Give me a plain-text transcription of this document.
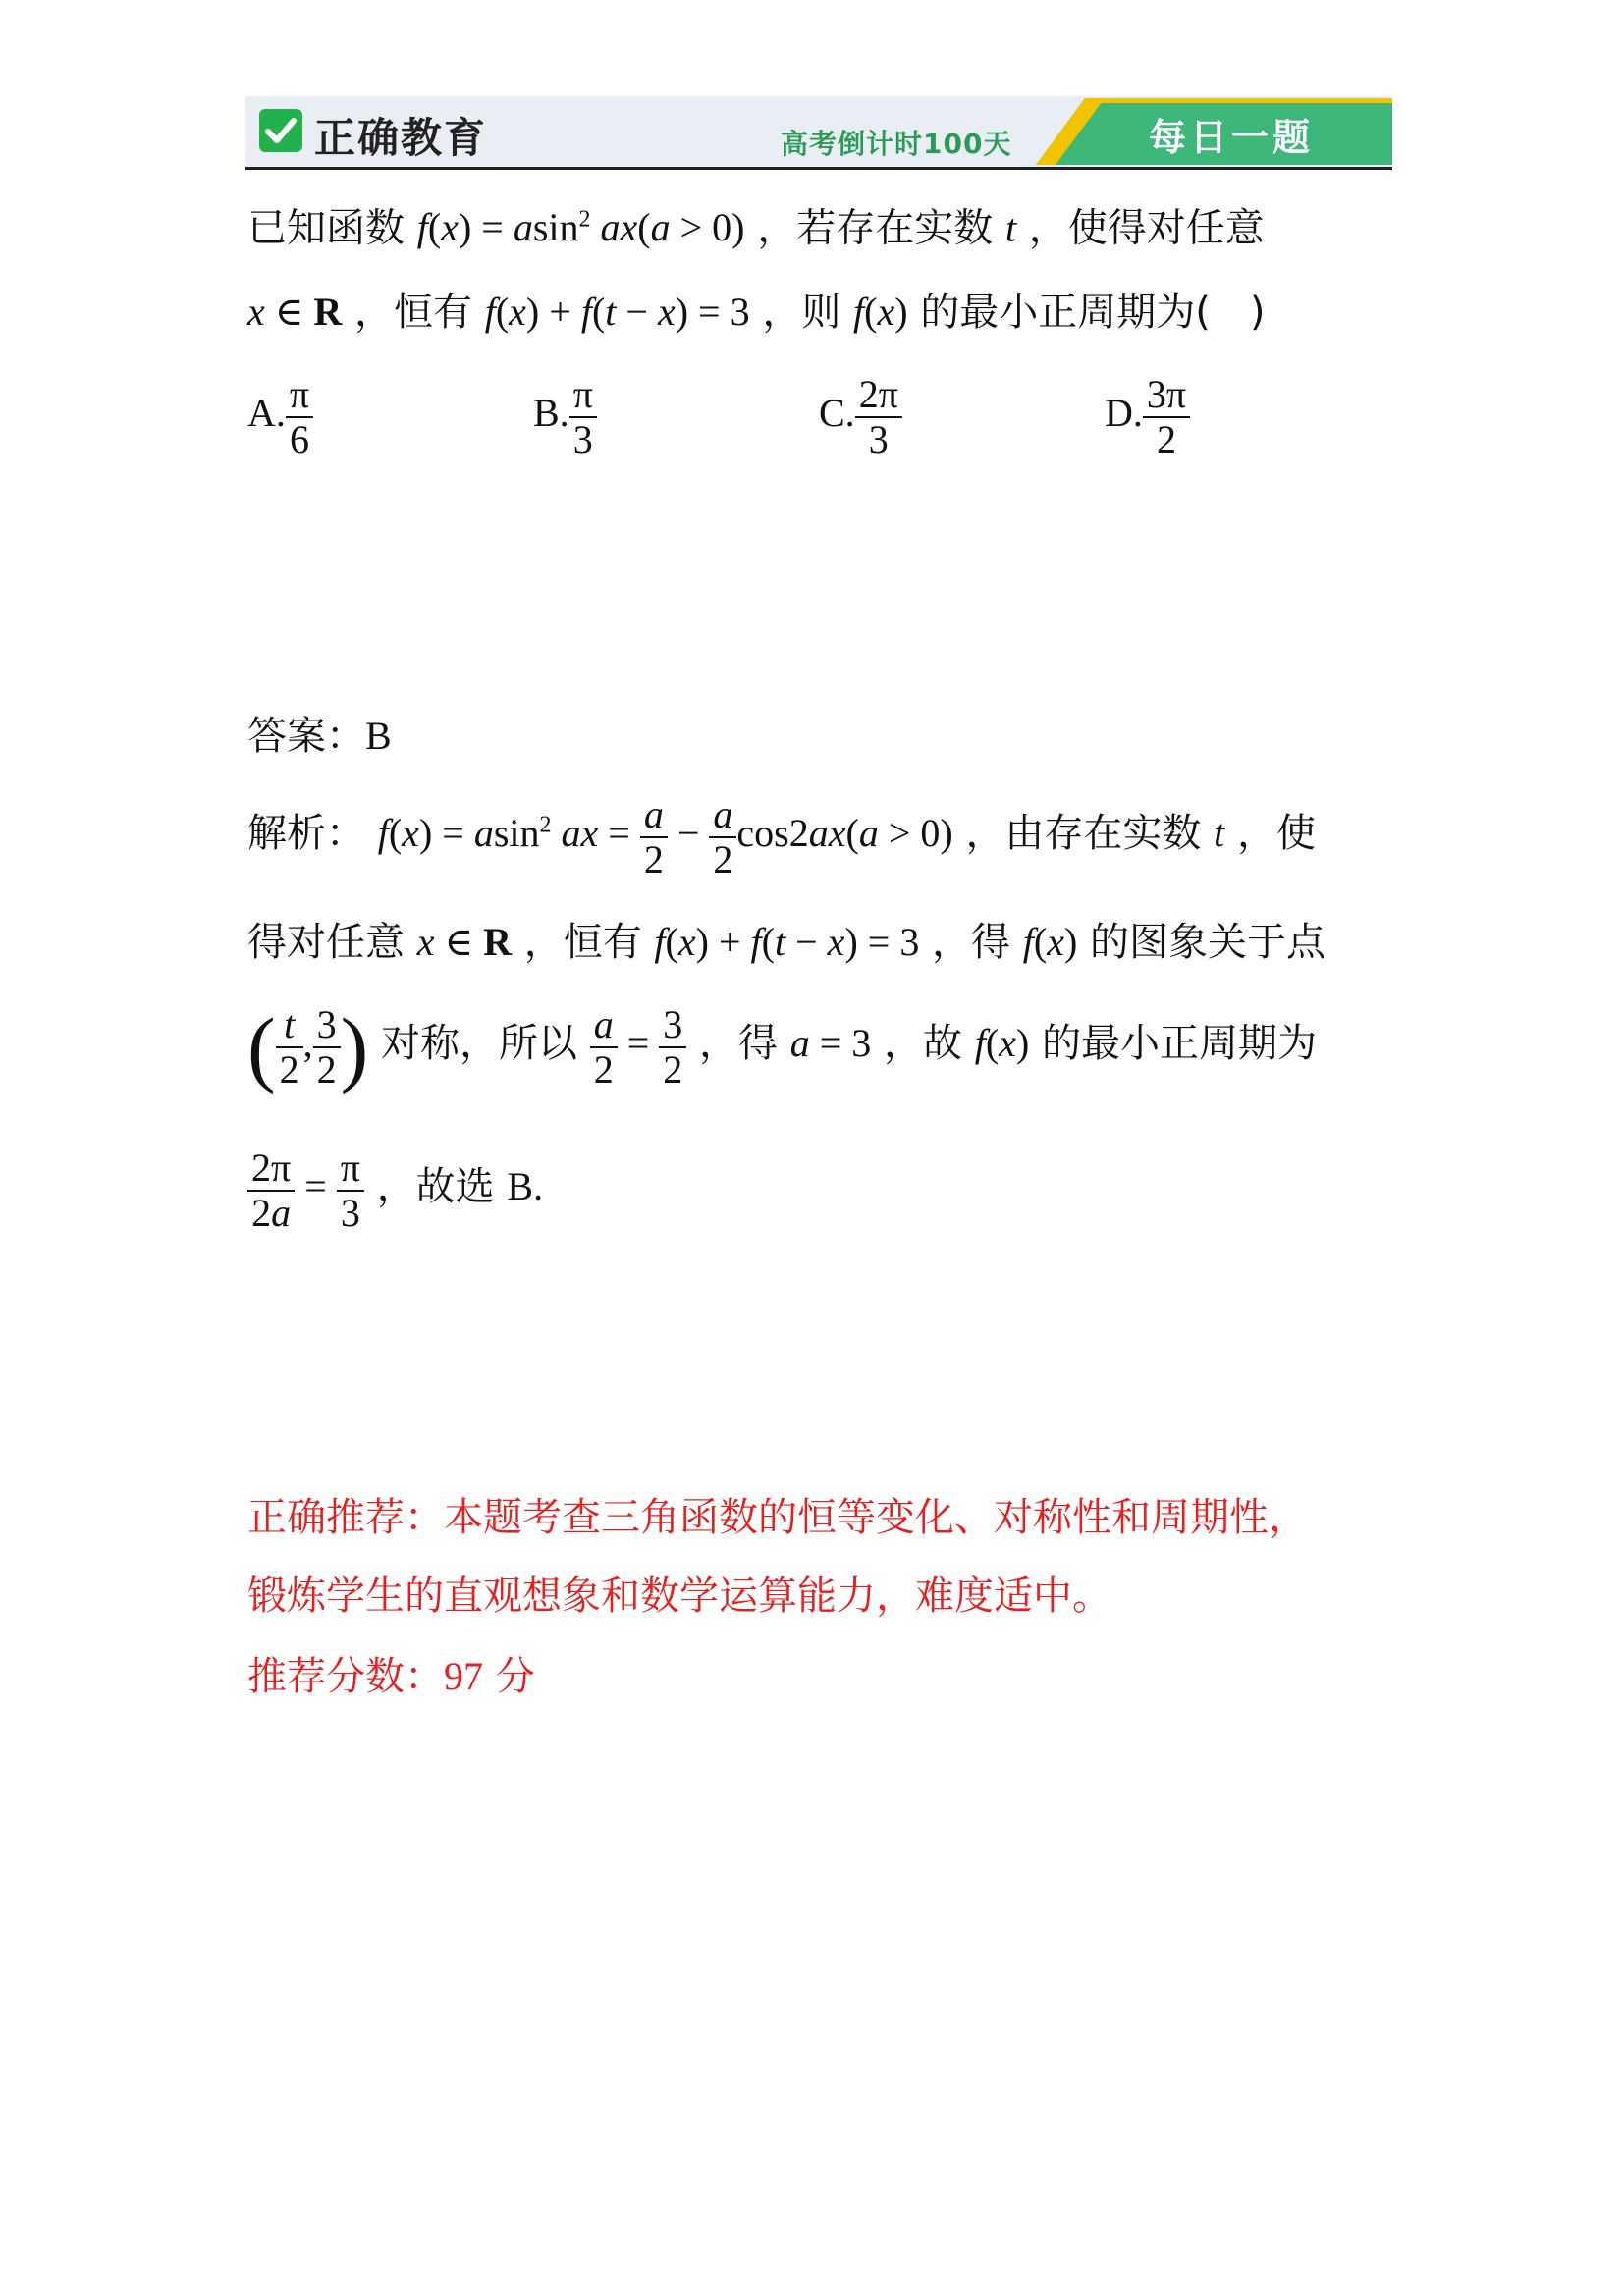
正确教育	高考倒计时100天	每日一题
已知函数 f(x) = asin$^2$ ax(a > 0) ，若存在实数 t ，使得对任意
x ∈ R ，恒有 f(x) + f(t − x) = 3 ，则 f(x) 的最小正周期为(　)
A. $\frac{\pi}{6}$	B. $\frac{\pi}{3}$	C. $\frac{2\pi}{3}$	D. $\frac{3\pi}{2}$
答案：B
解析： f(x) = asin$^2$ ax = $\frac{a}{2} - \frac{a}{2} \cos 2ax(a > 0)$ ，由存在实数 t ，使
得对任意 x ∈ R ，恒有 f(x) + f(t − x) = 3 ，得 f(x) 的图象关于点
( $\frac{t}{2}$ , $\frac{3}{2}$ ) 对称，所以 $\frac{a}{2} = \frac{3}{2}$ ，得 a = 3 ，故 f(x) 的最小正周期为
$\frac{2\pi}{2a} = \frac{\pi}{3}$ ，故选 B.
正确推荐：本题考查三角函数的恒等变化、对称性和周期性，
锻炼学生的直观想象和数学运算能力，难度适中。
推荐分数：97 分
